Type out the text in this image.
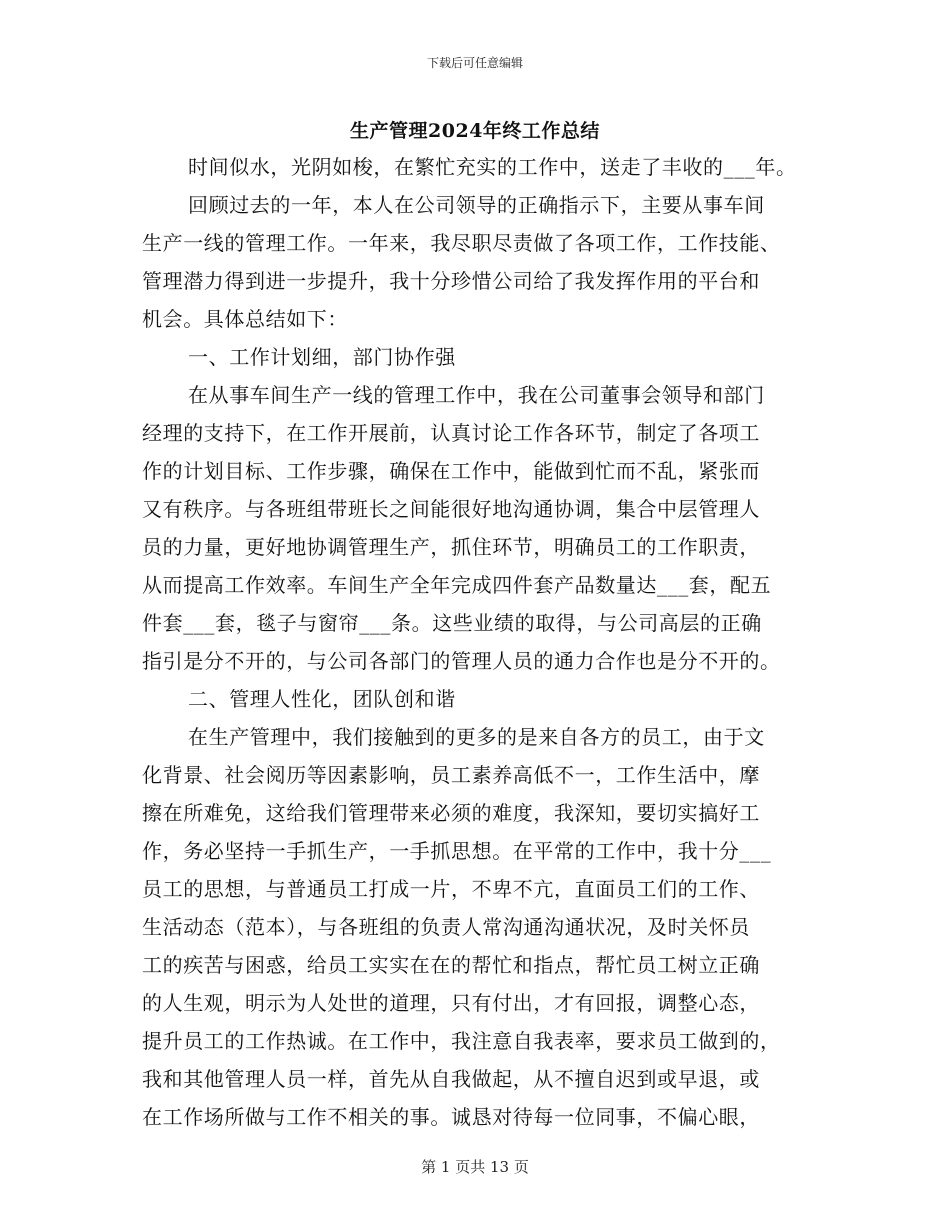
下载后可任意编辑
生产管理2024年终工作总结
时间似水，光阴如梭，在繁忙充实的工作中，送走了丰收的___年。
回顾过去的一年，本人在公司领导的正确指示下，主要从事车间
生产一线的管理工作。一年来，我尽职尽责做了各项工作，工作技能、
管理潜力得到进一步提升，我十分珍惜公司给了我发挥作用的平台和
机会。具体总结如下：
一、工作计划细，部门协作强
在从事车间生产一线的管理工作中，我在公司董事会领导和部门
经理的支持下，在工作开展前，认真讨论工作各环节，制定了各项工
作的计划目标、工作步骤，确保在工作中，能做到忙而不乱，紧张而
又有秩序。与各班组带班长之间能很好地沟通协调，集合中层管理人
员的力量，更好地协调管理生产，抓住环节，明确员工的工作职责，
从而提高工作效率。车间生产全年完成四件套产品数量达___套，配五
件套___套，毯子与窗帘___条。这些业绩的取得，与公司高层的正确
指引是分不开的，与公司各部门的管理人员的通力合作也是分不开的。
二、管理人性化，团队创和谐
在生产管理中，我们接触到的更多的是来自各方的员工，由于文
化背景、社会阅历等因素影响，员工素养高低不一，工作生活中，摩
擦在所难免，这给我们管理带来必须的难度，我深知，要切实搞好工
作，务必坚持一手抓生产，一手抓思想。在平常的工作中，我十分___
员工的思想，与普通员工打成一片，不卑不亢，直面员工们的工作、
生活动态（范本），与各班组的负责人常沟通沟通状况，及时关怀员
工的疾苦与困惑，给员工实实在在的帮忙和指点，帮忙员工树立正确
的人生观，明示为人处世的道理，只有付出，才有回报，调整心态，
提升员工的工作热诚。在工作中，我注意自我表率，要求员工做到的，
我和其他管理人员一样，首先从自我做起，从不擅自迟到或早退，或
在工作场所做与工作不相关的事。诚恳对待每一位同事，不偏心眼，
第 1 页共 13 页
